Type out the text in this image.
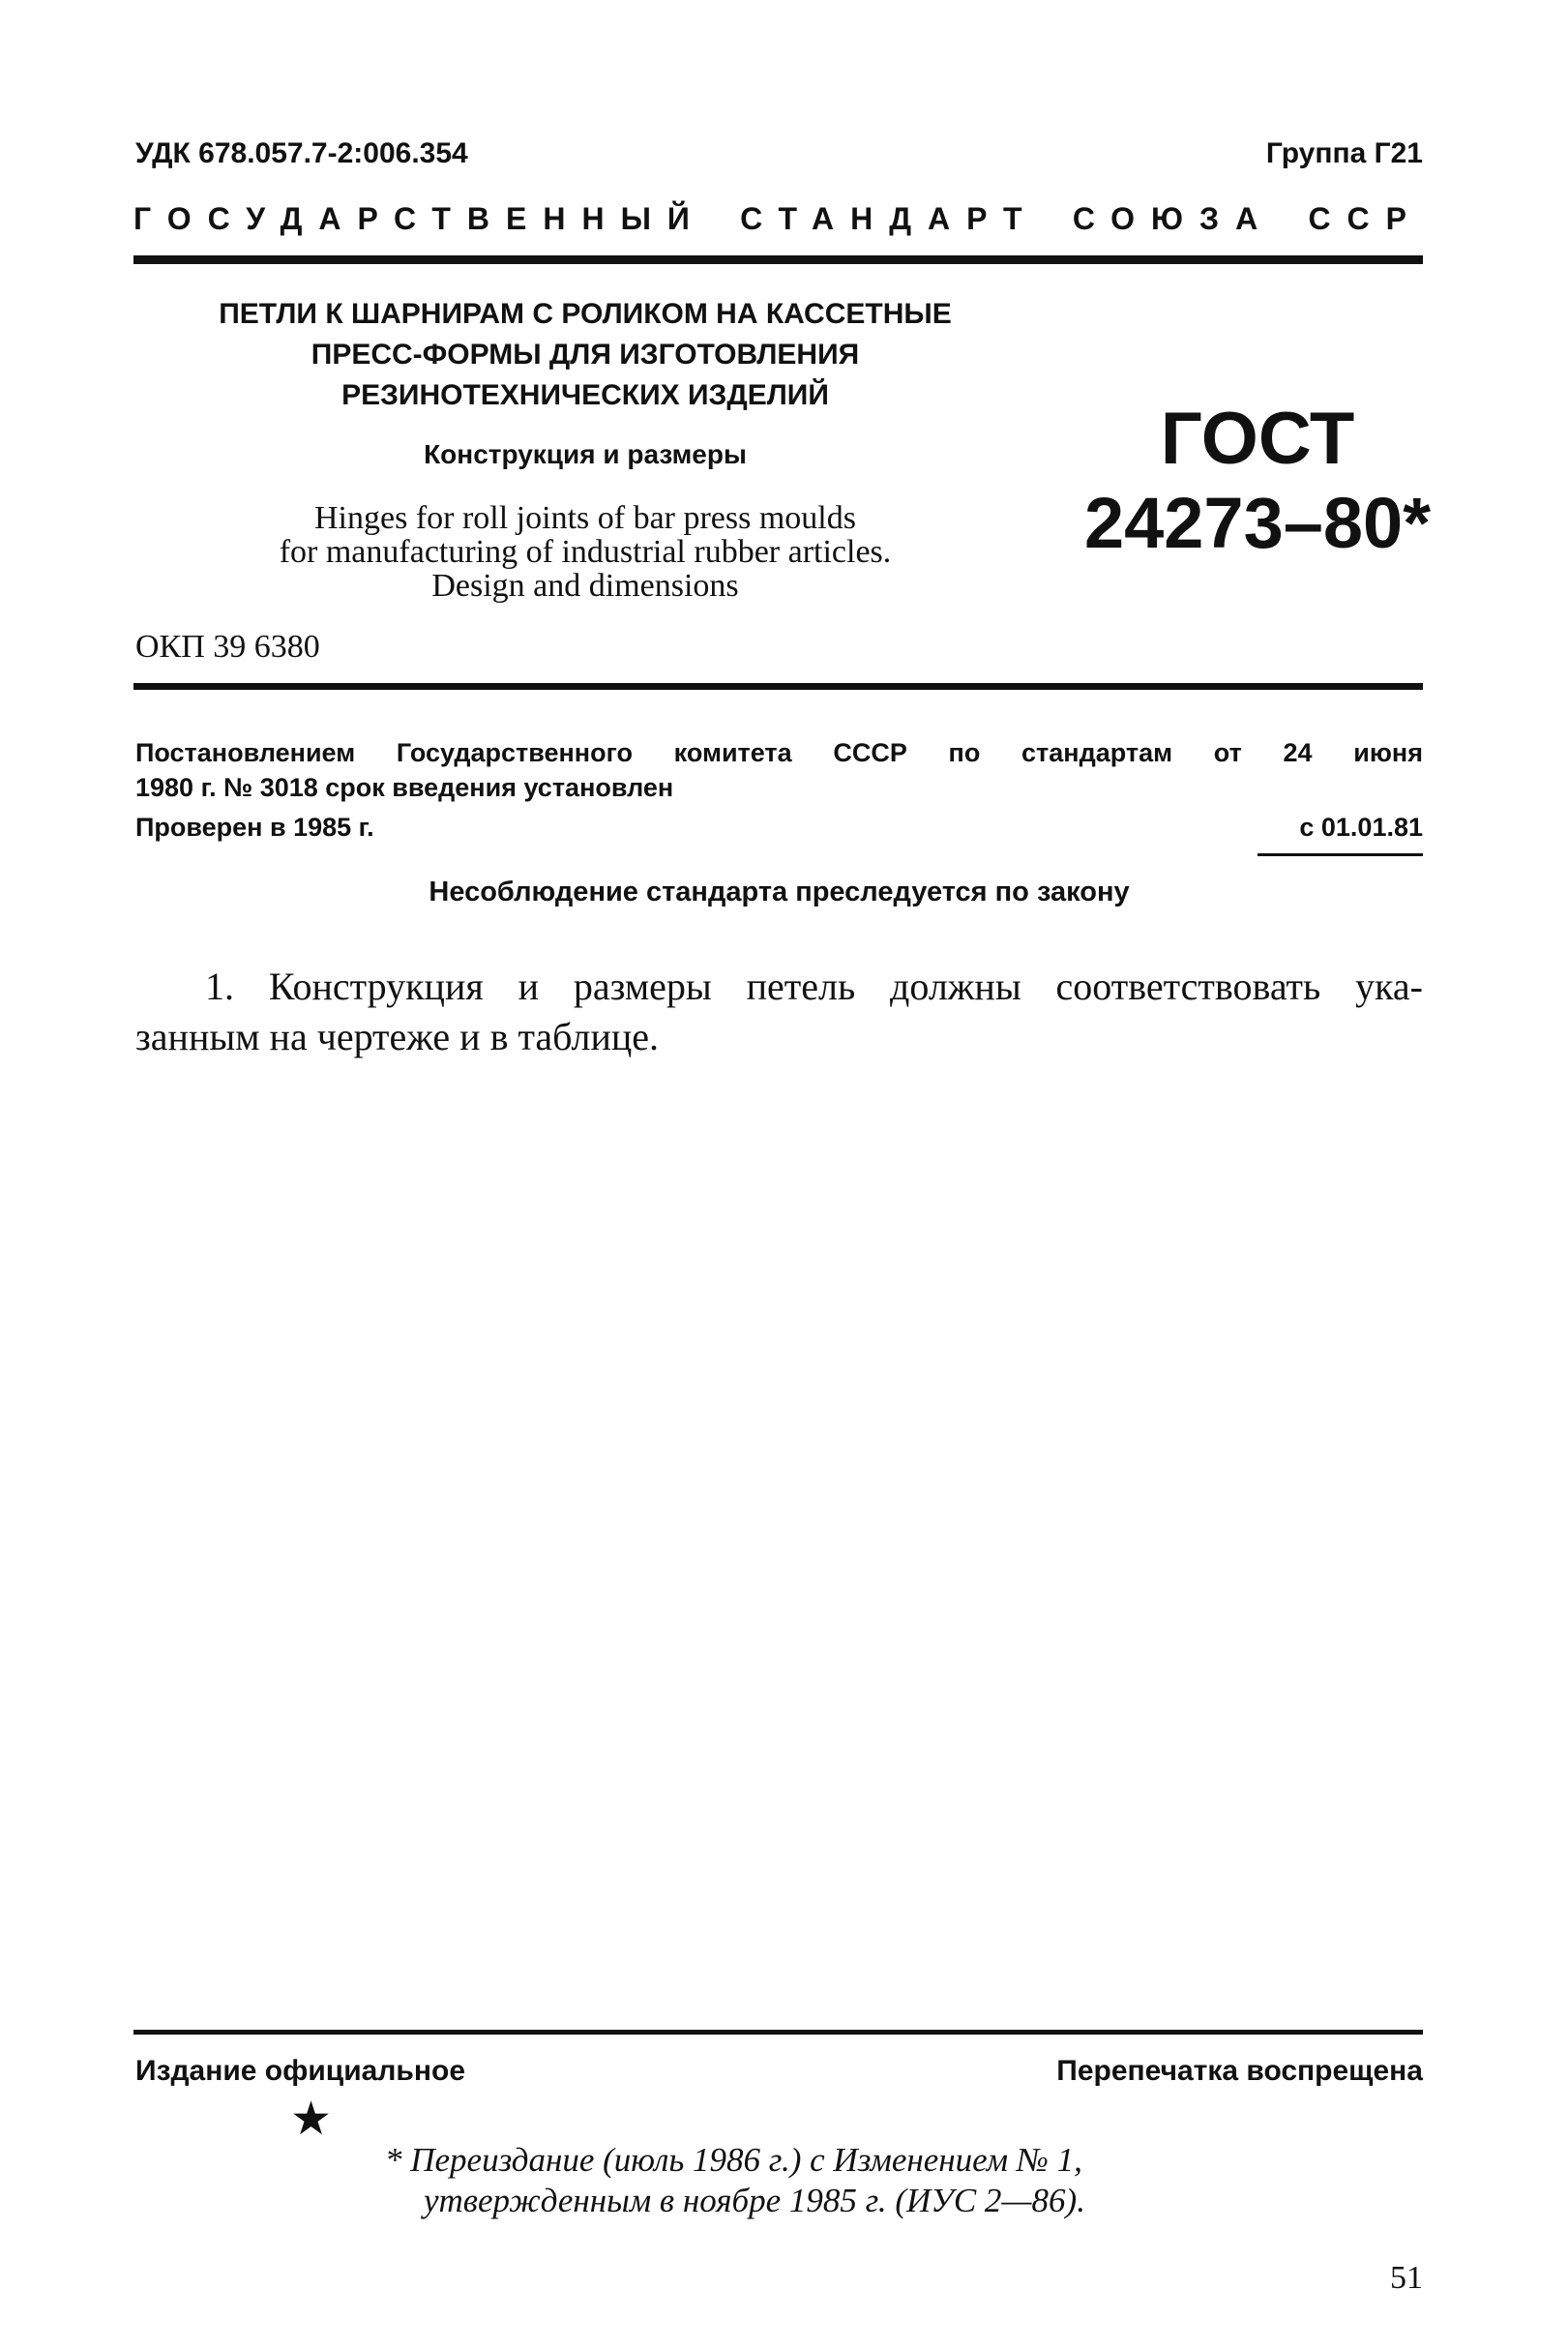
УДК 678.057.7-2:006.354	Группа Г21
ГОСУДАРСТВЕННЫЙ СТАНДАРТ СОЮЗА ССР
ПЕТЛИ К ШАРНИРАМ С РОЛИКОМ НА КАССЕТНЫЕ
ПРЕСС-ФОРМЫ ДЛЯ ИЗГОТОВЛЕНИЯ
РЕЗИНОТЕХНИЧЕСКИХ ИЗДЕЛИЙ
Конструкция и размеры
Hinges for roll joints of bar press moulds
for manufacturing of industrial rubber articles.
Design and dimensions
ГОСТ
24273–80*
ОКП 39 6380
Постановлением Государственного комитета СССР по стандартам от 24 июня
1980 г. № 3018 срок введения установлен
Проверен в 1985 г.	с 01.01.81
Несоблюдение стандарта преследуется по закону
1. Конструкция и размеры петель должны соответствовать ука-
занным на чертеже и в таблице.
Издание официальное	Перепечатка воспрещена
★
* Переиздание (июль 1986 г.) с Изменением № 1,
утвержденным в ноябре 1985 г. (ИУС 2—86).
51
